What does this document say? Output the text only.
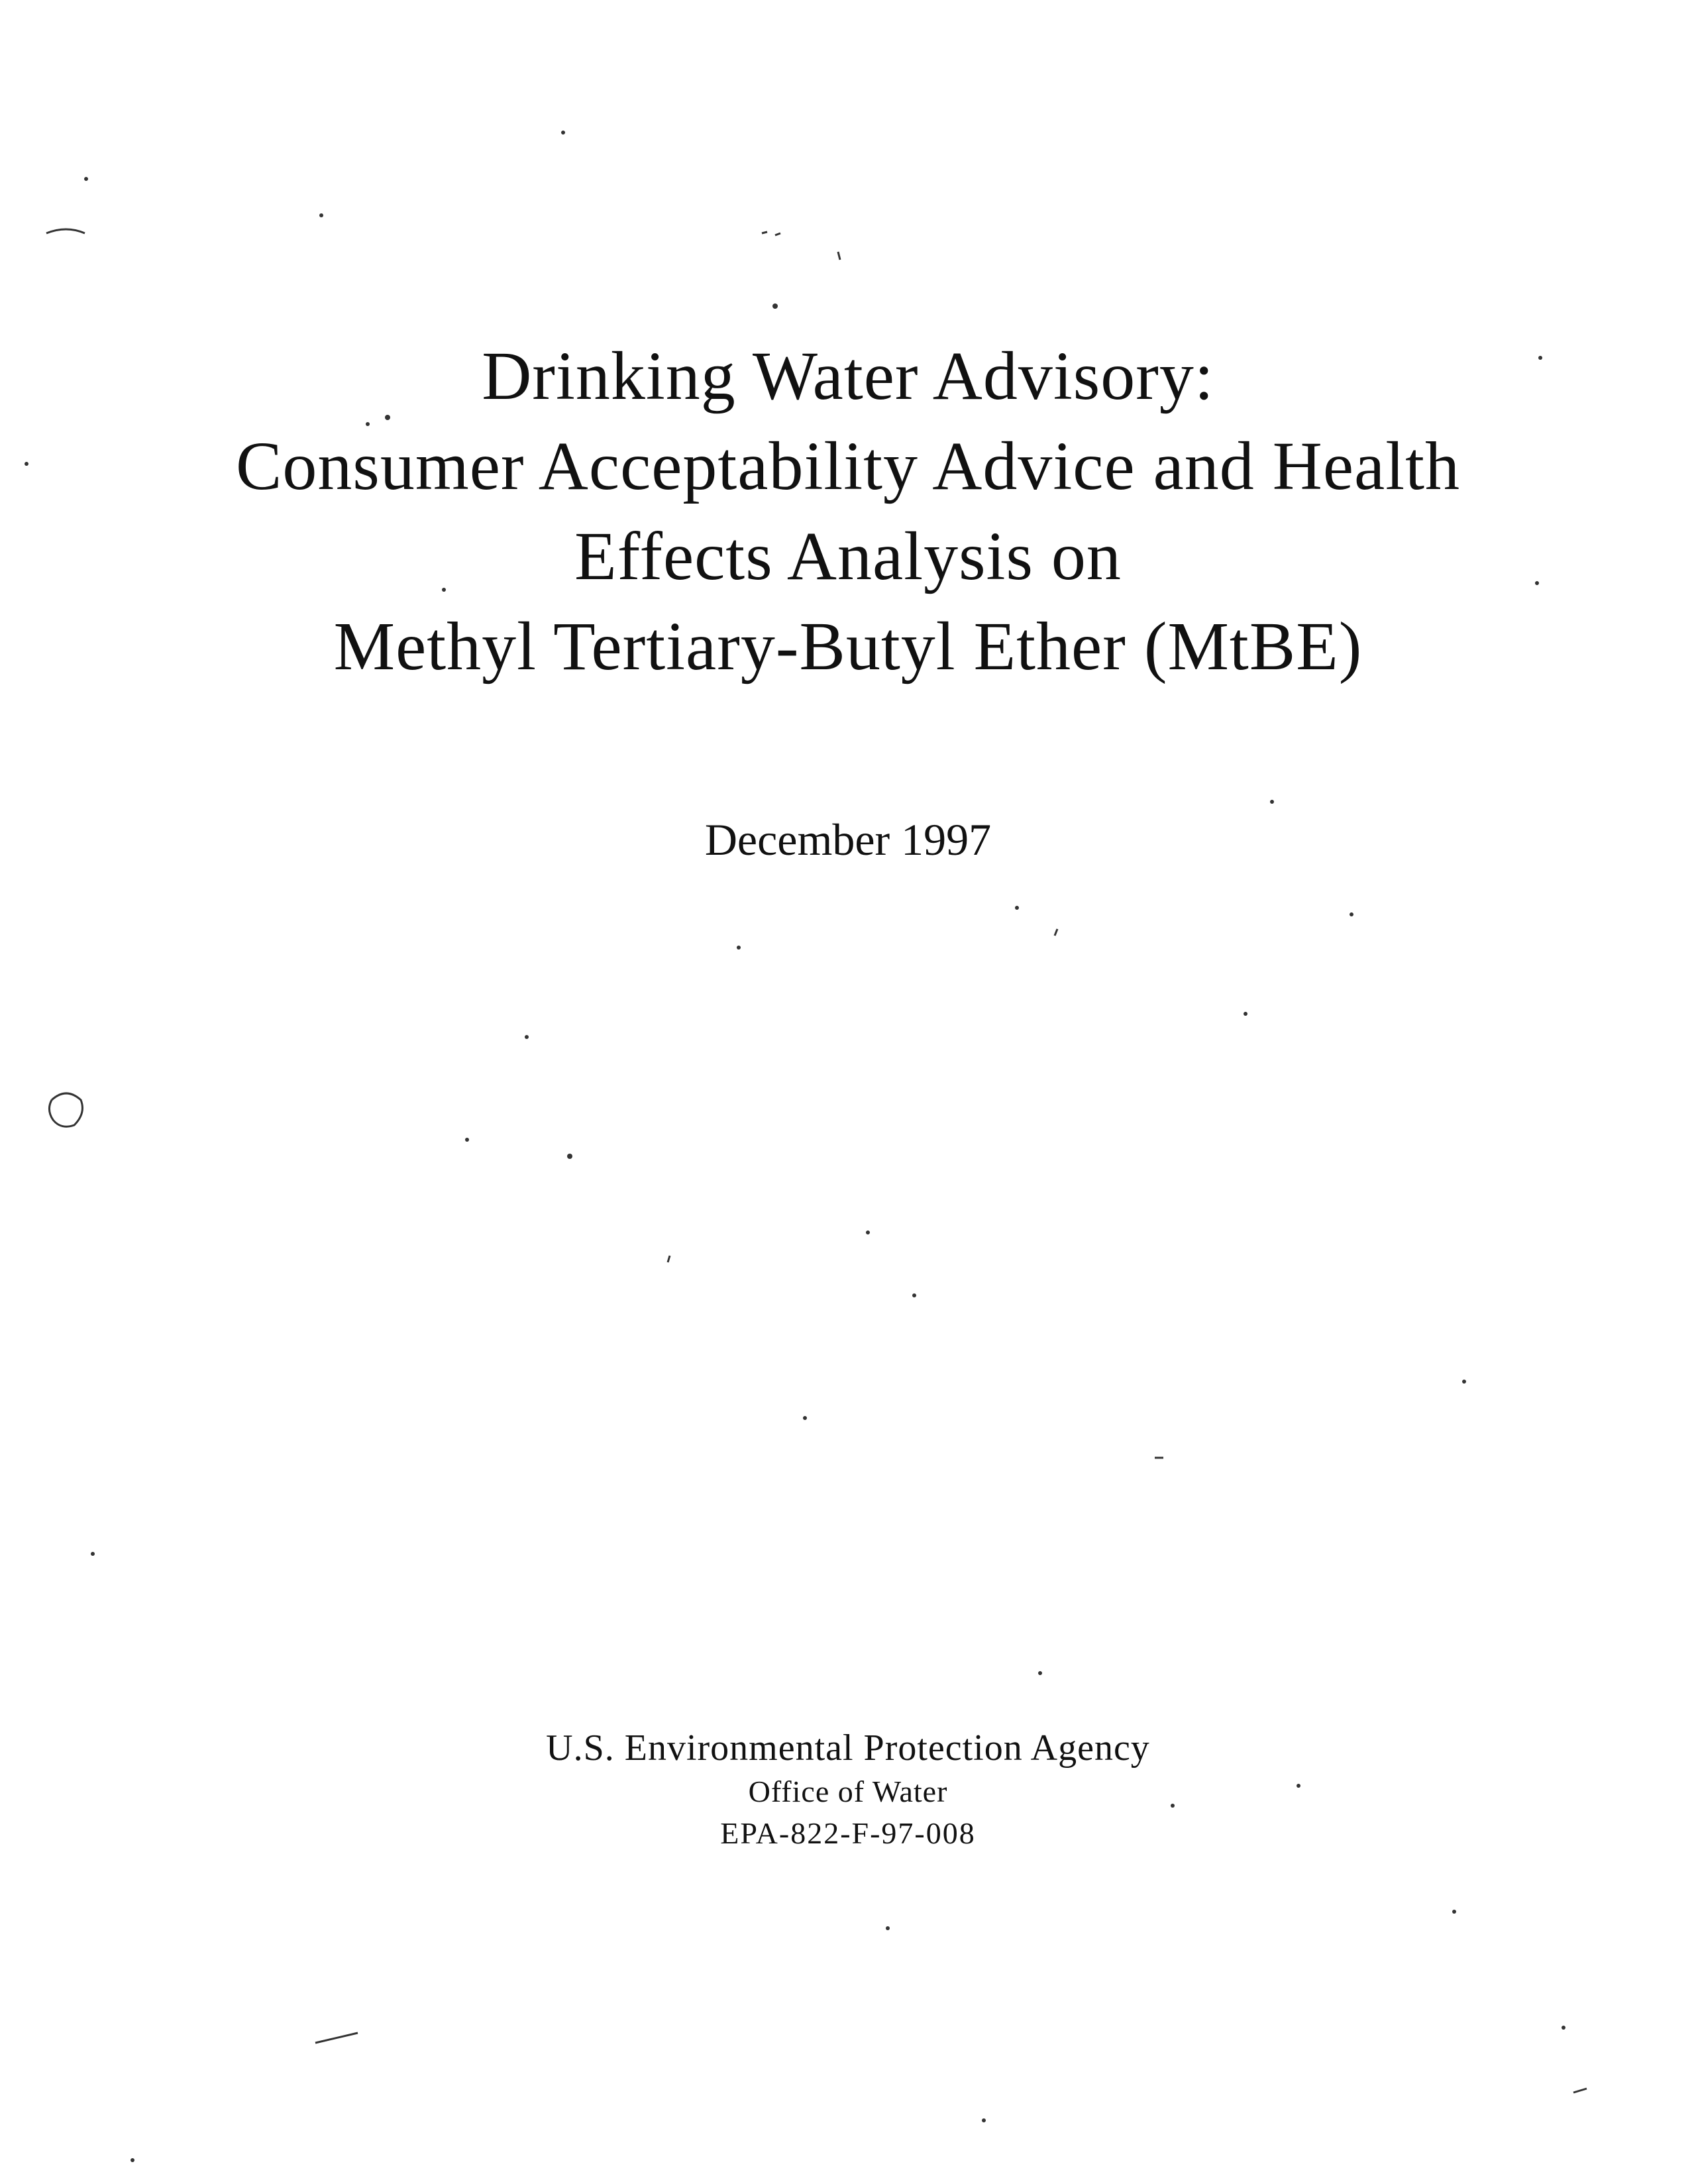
Drinking Water Advisory:
Consumer Acceptability Advice and Health
Effects Analysis on
Methyl Tertiary-Butyl Ether (MtBE)
December 1997
U.S. Environmental Protection Agency
Office of Water
EPA-822-F-97-008
